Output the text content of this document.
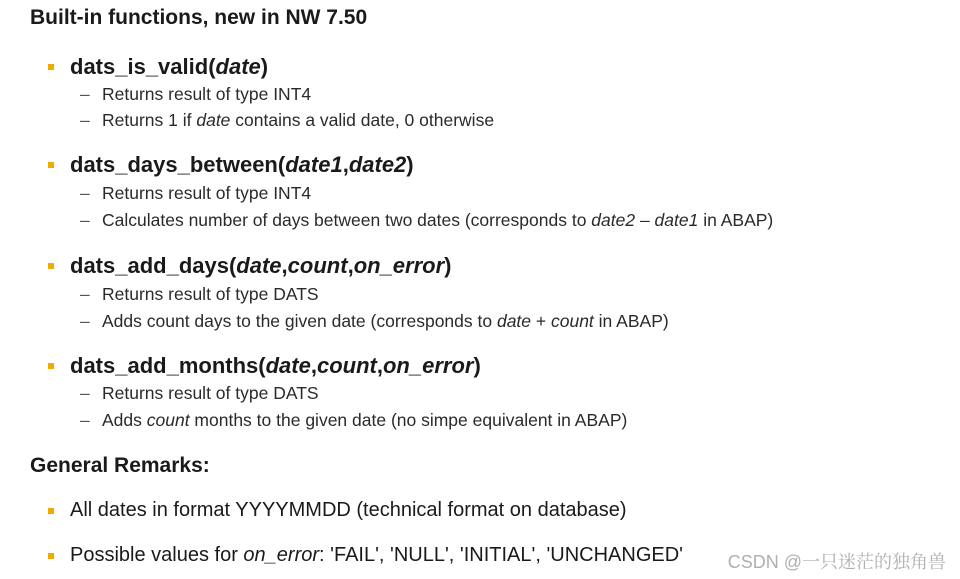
Built-in functions, new in NW 7.50
dats_is_valid(date)
– Returns result of type INT4
– Returns 1 if date contains a valid date, 0 otherwise
dats_days_between(date1,date2)
– Returns result of type INT4
– Calculates number of days between two dates (corresponds to date2 – date1 in ABAP)
dats_add_days(date,count,on_error)
– Returns result of type DATS
– Adds count days to the given date (corresponds to date + count in ABAP)
dats_add_months(date,count,on_error)
– Returns result of type DATS
– Adds count months to the given date (no simpe equivalent in ABAP)
General Remarks:
All dates in format YYYYMMDD (technical format on database)
Possible values for on_error: 'FAIL', 'NULL', 'INITIAL', 'UNCHANGED' CSDN @一只迷茫的独角兽
